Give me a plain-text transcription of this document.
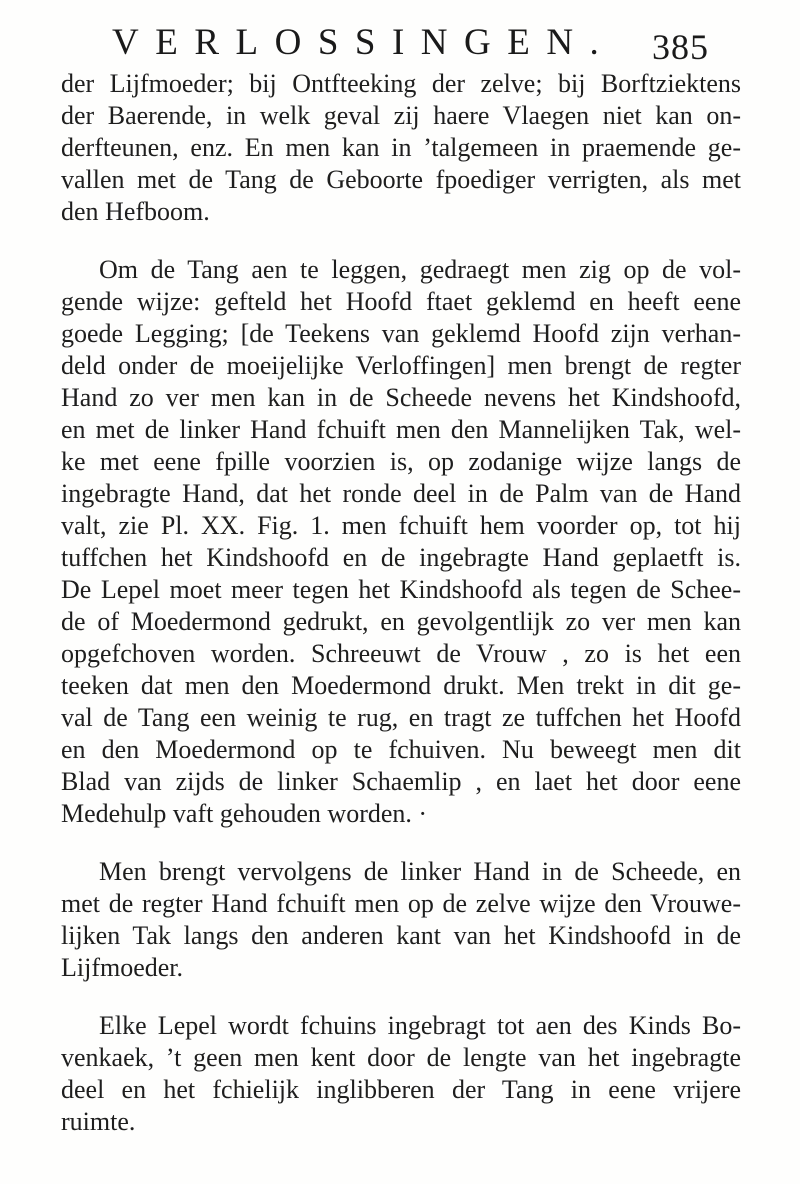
VERLOSSINGEN. 385
der Lijfmoeder; bij Ontfteeking der zelve; bij Borftziektens
der Baerende, in welk geval zij haere Vlaegen niet kan on-
derfteunen, enz. En men kan in ’talgemeen in praemende ge-
vallen met de Tang de Geboorte fpoediger verrigten, als met
den Hefboom.
Om de Tang aen te leggen, gedraegt men zig op de vol-
gende wijze: gefteld het Hoofd ftaet geklemd en heeft eene
goede Legging; [de Teekens van geklemd Hoofd zijn verhan-
deld onder de moeijelijke Verloffingen] men brengt de regter
Hand zo ver men kan in de Scheede nevens het Kindshoofd,
en met de linker Hand fchuift men den Mannelijken Tak, wel-
ke met eene fpille voorzien is, op zodanige wijze langs de
ingebragte Hand, dat het ronde deel in de Palm van de Hand
valt, zie Pl. XX. Fig. 1. men fchuift hem voorder op, tot hij
tuffchen het Kindshoofd en de ingebragte Hand geplaetft is.
De Lepel moet meer tegen het Kindshoofd als tegen de Schee-
de of Moedermond gedrukt, en gevolgentlijk zo ver men kan
opgefchoven worden. Schreeuwt de Vrouw , zo is het een
teeken dat men den Moedermond drukt. Men trekt in dit ge-
val de Tang een weinig te rug, en tragt ze tuffchen het Hoofd
en den Moedermond op te fchuiven. Nu beweegt men dit
Blad van zijds de linker Schaemlip , en laet het door eene
Medehulp vaft gehouden worden. ·
Men brengt vervolgens de linker Hand in de Scheede, en
met de regter Hand fchuift men op de zelve wijze den Vrouwe-
lijken Tak langs den anderen kant van het Kindshoofd in de
Lijfmoeder.
Elke Lepel wordt fchuins ingebragt tot aen des Kinds Bo-
venkaek, ’t geen men kent door de lengte van het ingebragte
deel en het fchielijk inglibberen der Tang in eene vrijere
ruimte.
